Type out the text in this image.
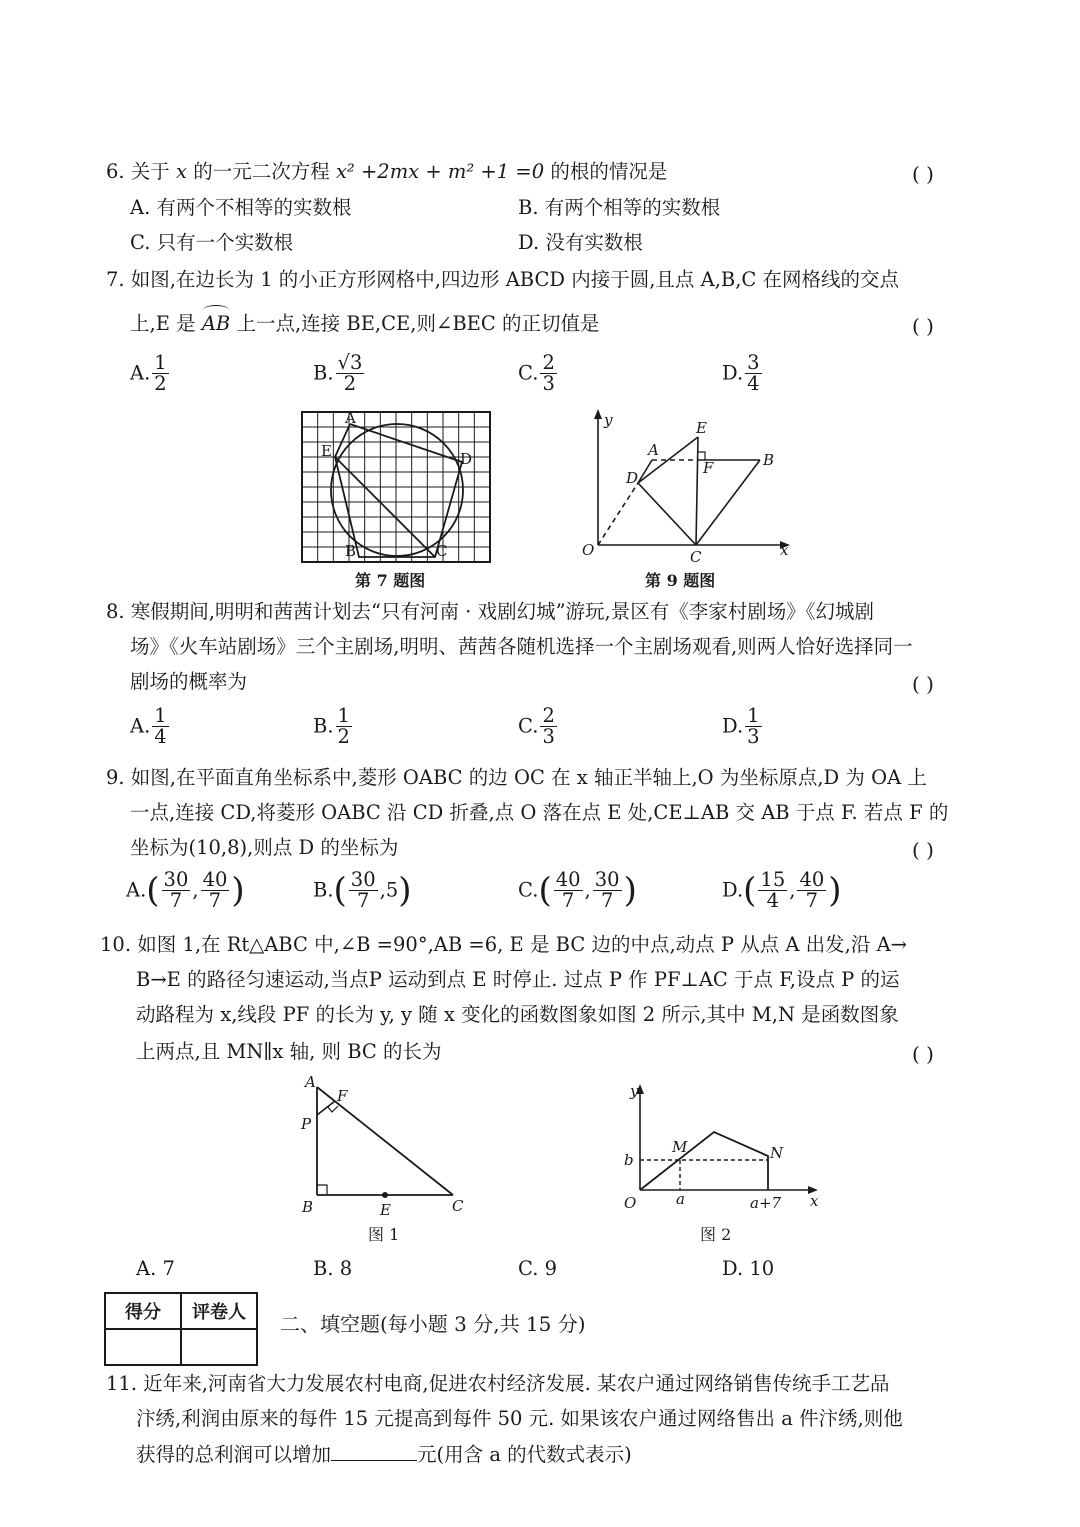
6. 关于 x 的一元二次方程 x² +2mx + m² +1 =0 的根的情况是	( )
A. 有两个不相等的实数根	B. 有两个相等的实数根
C. 只有一个实数根	D. 没有实数根
7. 如图,在边长为 1 的小正方形网格中,四边形 ABCD 内接于圆,且点 A,B,C 在网格线的交点
上,E 是 AB 上一点,连接 BE,CE,则∠BEC 的正切值是	( )
A. $\frac{1}{2}$	B. $\frac{√3}{2}$	C. $\frac{2}{3}$	D. $\frac{3}{4}$
A
E	D
B	C
第 7 题图
y
x
O
A
B
C
D
E
F
第 9 题图
8. 寒假期间,明明和茜茜计划去“只有河南 · 戏剧幻城”游玩,景区有《李家村剧场》《幻城剧
场》《火车站剧场》三个主剧场,明明、茜茜各随机选择一个主剧场观看,则两人恰好选择同一
剧场的概率为	( )
A. $\frac{1}{4}$	B. $\frac{1}{2}$	C. $\frac{2}{3}$	D. $\frac{1}{3}$
9. 如图,在平面直角坐标系中,菱形 OABC 的边 OC 在 x 轴正半轴上,O 为坐标原点,D 为 OA 上
一点,连接 CD,将菱形 OABC 沿 CD 折叠,点 O 落在点 E 处,CE⊥AB 交 AB 于点 F. 若点 F 的
坐标为(10,8),则点 D 的坐标为	( )
$A.( \frac{30}{7}$ , $\frac{40}{7}$ )	$B.( \frac{30}{7} ,5)$	$C.( \frac{40}{7}$ , $\frac{30}{7}$ )	$D.( \frac{15}{4}$ , $\frac{40}{7}$ )
10. 如图 1,在 Rt△ABC 中,∠B =90°,AB =6, E 是 BC 边的中点,动点 P 从点 A 出发,沿 A→
B→E 的路径匀速运动,当点P 运动到点 E 时停止. 过点 P 作 PF⊥AC 于点 F,设点 P 的运
动路程为 x,线段 PF 的长为 y, y 随 x 变化的函数图象如图 2 所示,其中 M,N 是函数图象
上两点,且 MN∥x 轴, 则 BC 的长为	( )
A
F
P
B	E	C
图 1
y
x
O
M	N
b
a	a+7
图 2
A. 7	B. 8	C. 9	D. 10
得分	评卷人
	二、填空题(每小题 3 分,共 15 分)
11. 近年来,河南省大力发展农村电商,促进农村经济发展. 某农户通过网络销售传统手工艺品
汴绣,利润由原来的每件 15 元提高到每件 50 元. 如果该农户通过网络售出 a 件汴绣,则他
获得的总利润可以增加	元(用含 a 的代数式表示)
